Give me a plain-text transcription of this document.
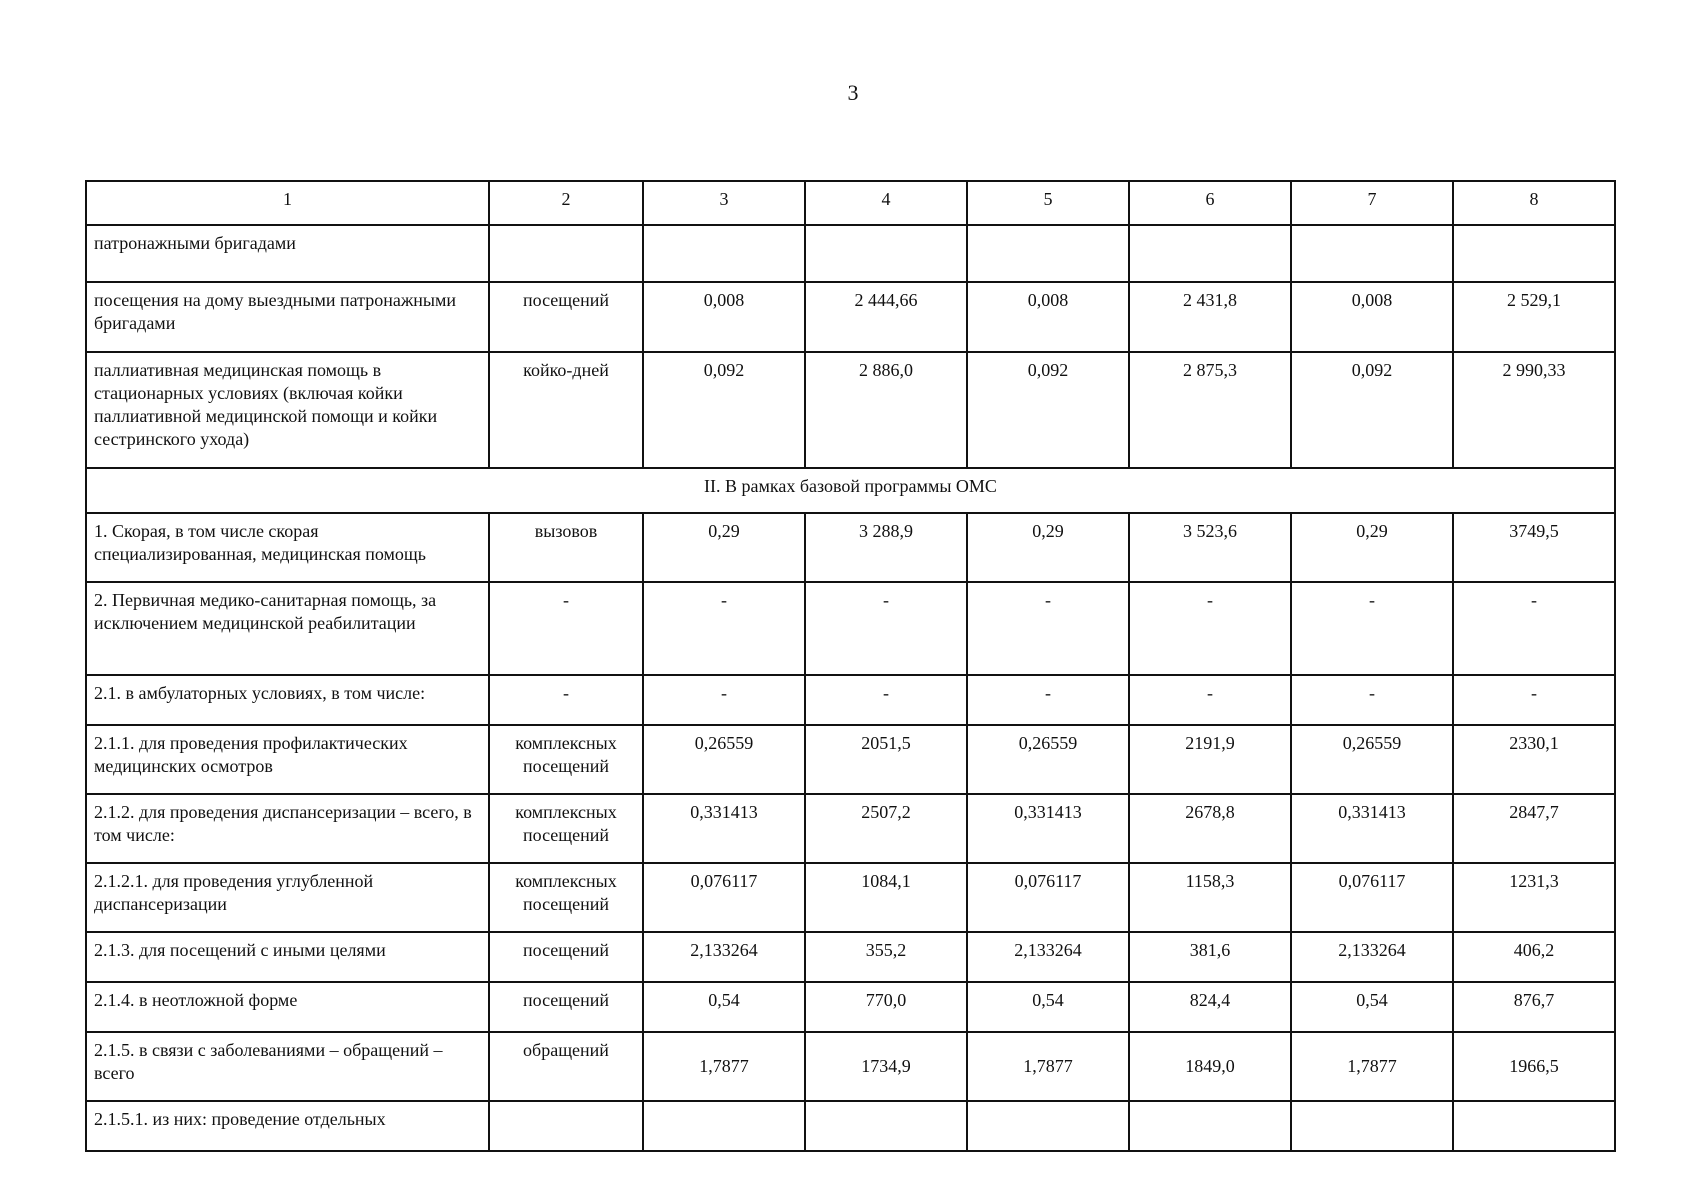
3
1	2	3	4	5	6	7	8
патронажными бригадами							
посещения на дому выездными патронажными бригадами	посещений	0,008	2 444,66	0,008	2 431,8	0,008	2 529,1
паллиативная медицинская помощь в стационарных условиях (включая койки паллиативной медицинской помощи и койки сестринского ухода)	койко-дней	0,092	2 886,0	0,092	2 875,3	0,092	2 990,33
II. В рамках базовой программы ОМС							
1. Скорая, в том числе скорая специализированная, медицинская помощь	вызовов	0,29	3 288,9	0,29	3 523,6	0,29	3749,5
2. Первичная медико-санитарная помощь, за исключением медицинской реабилитации	-	-	-	-	-	-	-
2.1. в амбулаторных условиях, в том числе:	-	-	-	-	-	-	-
2.1.1. для проведения профилактических медицинских осмотров	комплексных посещений	0,26559	2051,5	0,26559	2191,9	0,26559	2330,1
2.1.2. для проведения диспансеризации – всего, в том числе:	комплексных посещений	0,331413	2507,2	0,331413	2678,8	0,331413	2847,7
2.1.2.1. для проведения углубленной диспансеризации	комплексных посещений	0,076117	1084,1	0,076117	1158,3	0,076117	1231,3
2.1.3. для посещений с иными целями	посещений	2,133264	355,2	2,133264	381,6	2,133264	406,2
2.1.4. в неотложной форме	посещений	0,54	770,0	0,54	824,4	0,54	876,7
2.1.5. в связи с заболеваниями – обращений – всего	обращений	1,7877	1734,9	1,7877	1849,0	1,7877	1966,5
2.1.5.1. из них: проведение отдельных							
